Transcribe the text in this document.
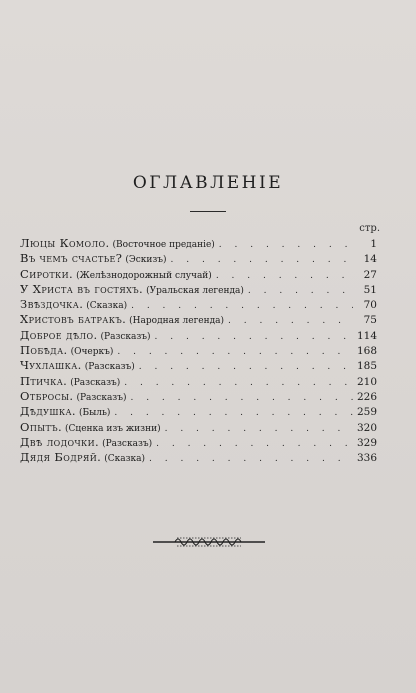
ОГЛАВЛЕНІЕ
стр.
Люцы Комоло. (Восточное преданіе) . . .	1
Въ чемъ счастье? (Эскизъ) . . .	14
Сиротки. (Желѣзнодорожный случай) . . .	27
У Христа въ гостяхъ. (Уральская легенда) . . .	51
Звѣздочка. (Сказка) . . .	70
Христовъ батракъ. (Народная легенда) . . .	75
Доброе дѣло. (Разсказъ) . . .	114
Побѣда. (Очеркъ) . . .	168
Чухлашка. (Разсказъ) . . .	185
Птичка. (Разсказъ) . . .	210
Отбросы. (Разсказъ) . . .	226
Дѣдушка. (Быль) . . .	259
Опытъ. (Сценка изъ жизни) . . .	320
Двѣ лодочки. (Разсказъ) . . .	329
Дядя Бодряй. (Сказка) . . .	336
